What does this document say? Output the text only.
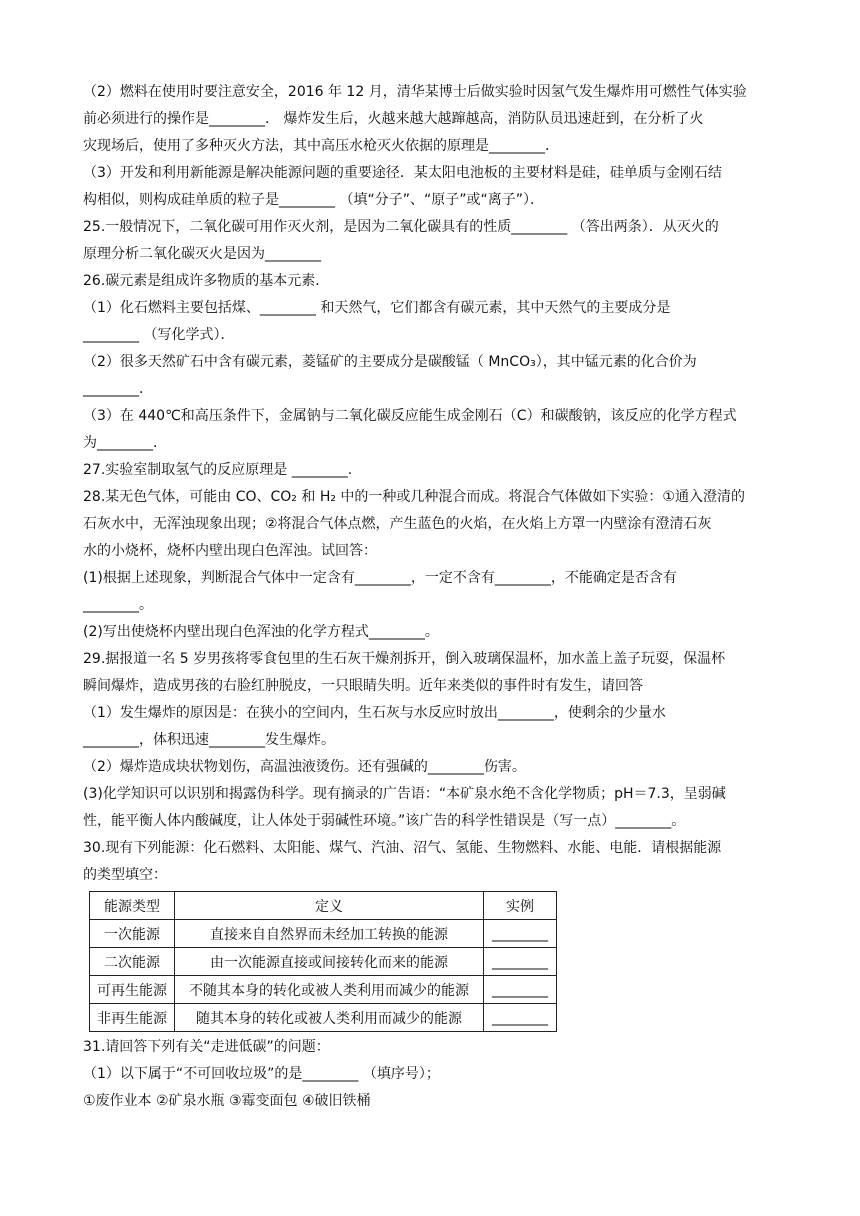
（2）燃料在使用时要注意安全，2016 年 12 月，清华某博士后做实验时因氢气发生爆炸用可燃性气体实验

前必须进行的操作是________． 爆炸发生后，火越来越大越蹿越高，消防队员迅速赶到，在分析了火

灾现场后，使用了多种灭火方法，其中高压水枪灭火依据的原理是________．

（3）开发和利用新能源是解决能源问题的重要途径．某太阳电池板的主要材料是硅，硅单质与金刚石结

构相似，则构成硅单质的粒子是________ （填“分子”、“原子”或“离子”）．

25.一般情况下，二氧化碳可用作灭火剂，是因为二氧化碳具有的性质________ （答出两条）．从灭火的

原理分析二氧化碳灭火是因为________

26.碳元素是组成许多物质的基本元素．

（1）化石燃料主要包括煤、________ 和天然气，它们都含有碳元素，其中天然气的主要成分是

________ （写化学式）．

（2）很多天然矿石中含有碳元素，菱锰矿的主要成分是碳酸锰（ MnCO₃），其中锰元素的化合价为

________．

（3）在 440℃和高压条件下，金属钠与二氧化碳反应能生成金刚石（C）和碳酸钠，该反应的化学方程式

为________．

27.实验室制取氢气的反应原理是 ________.

28.某无色气体，可能由 CO、CO₂ 和 H₂ 中的一种或几种混合而成。将混合气体做如下实验：①通入澄清的

石灰水中，无浑浊现象出现；②将混合气体点燃，产生蓝色的火焰，在火焰上方罩一内壁涂有澄清石灰

水的小烧杯，烧杯内壁出现白色浑浊。试回答：

(1)根据上述现象，判断混合气体中一定含有________，一定不含有________，不能确定是否含有

________。

(2)写出使烧杯内壁出现白色浑浊的化学方程式________。

29.据报道一名 5 岁男孩将零食包里的生石灰干燥剂拆开，倒入玻璃保温杯，加水盖上盖子玩耍，保温杯

瞬间爆炸，造成男孩的右脸红肿脱皮，一只眼睛失明。近年来类似的事件时有发生，请回答

（1）发生爆炸的原因是：在狭小的空间内，生石灰与水反应时放出________，使剩余的少量水

________，体积迅速________发生爆炸。

（2）爆炸造成块状物划伤，高温浊液烫伤。还有强碱的________伤害。

(3)化学知识可以识别和揭露伪科学。现有摘录的广告语：“本矿泉水绝不含化学物质；pH＝7.3，呈弱碱

性，能平衡人体内酸碱度，让人体处于弱碱性环境。”该广告的科学性错误是（写一点）________。

30.现有下列能源：化石燃料、太阳能、煤气、汽油、沼气、氢能、生物燃料、水能、电能．请根据能源

的类型填空：

能源类型	定义	实例
一次能源	直接来自自然界而未经加工转换的能源	________
二次能源	由一次能源直接或间接转化而来的能源	________
可再生能源	不随其本身的转化或被人类利用而减少的能源	________
非再生能源	随其本身的转化或被人类利用而减少的能源	________

31.请回答下列有关“走进低碳”的问题：

（1）以下属于“不可回收垃圾”的是________ （填序号）；

①废作业本 ②矿泉水瓶 ③霉变面包 ④破旧铁桶
